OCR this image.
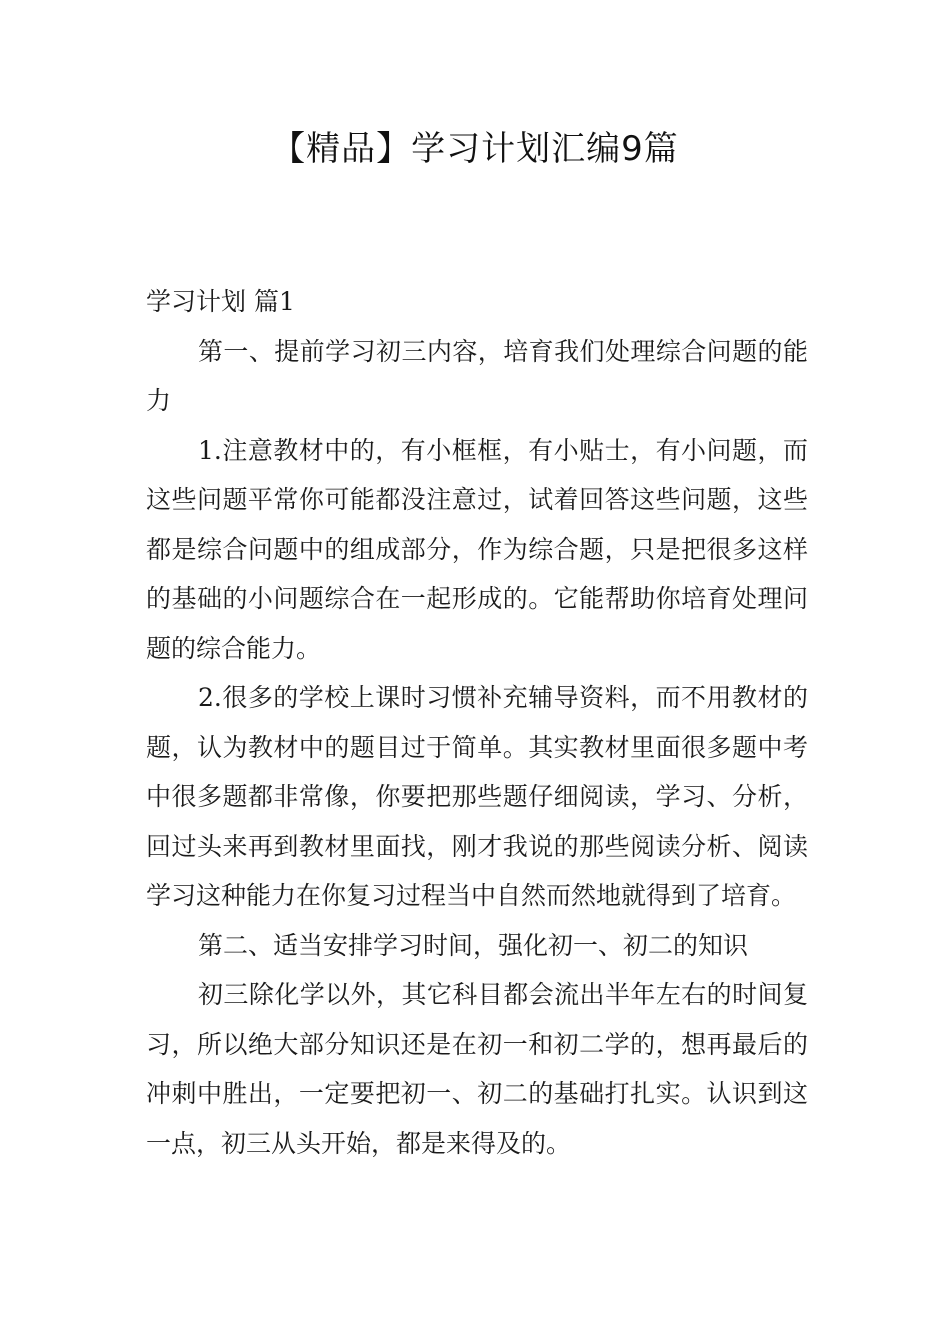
【精品】学习计划汇编9篇

学习计划 篇1

第一、提前学习初三内容，培育我们处理综合问题的能力

1.注意教材中的，有小框框，有小贴士，有小问题，而这些问题平常你可能都没注意过，试着回答这些问题，这些都是综合问题中的组成部分，作为综合题，只是把很多这样的基础的小问题综合在一起形成的。它能帮助你培育处理问题的综合能力。

2.很多的学校上课时习惯补充辅导资料，而不用教材的题，认为教材中的题目过于简单。其实教材里面很多题中考中很多题都非常像，你要把那些题仔细阅读，学习、分析，回过头来再到教材里面找，刚才我说的那些阅读分析、阅读学习这种能力在你复习过程当中自然而然地就得到了培育。

第二、适当安排学习时间，强化初一、初二的知识

初三除化学以外，其它科目都会流出半年左右的时间复习，所以绝大部分知识还是在初一和初二学的，想再最后的冲刺中胜出，一定要把初一、初二的基础打扎实。认识到这一点，初三从头开始，都是来得及的。
